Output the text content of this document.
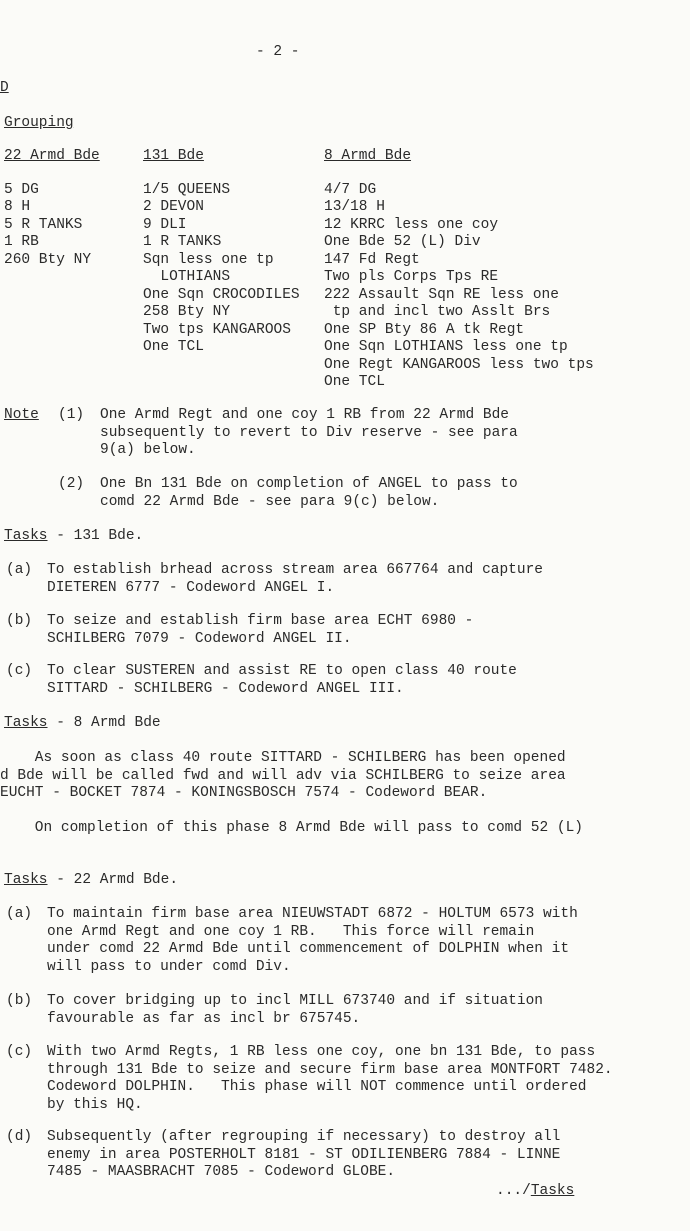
- 2 -
D
Grouping
22 Armd Bde
5 DG
8 H
5 R TANKS
1 RB
260 Bty NY
131 Bde
1/5 QUEENS
2 DEVON
9 DLI
1 R TANKS
Sqn less one tp
LOTHIANS
One Sqn CROCODILES
258 Bty NY
Two tps KANGAROOS
One TCL
8 Armd Bde
4/7 DG
13/18 H
12 KRRC less one coy
One Bde 52 (L) Div
147 Fd Regt
Two pls Corps Tps RE
222 Assault Sqn RE less one
tp and incl two Asslt Brs
One SP Bty 86 A tk Regt
One Sqn LOTHIANS less one tp
One Regt KANGAROOS less two tps
One TCL
Note (1) One Armd Regt and one coy 1 RB from 22 Armd Bde
subsequently to revert to Div reserve - see para
9(a) below.
(2) One Bn 131 Bde on completion of ANGEL to pass to
comd 22 Armd Bde - see para 9(c) below.
Tasks - 131 Bde.
(a) To establish brhead across stream area 667764 and capture
DIETEREN 6777 - Codeword ANGEL I.
(b) To seize and establish firm base area ECHT 6980 -
SCHILBERG 7079 - Codeword ANGEL II.
(c) To clear SUSTEREN and assist RE to open class 40 route
SITTARD - SCHILBERG - Codeword ANGEL III.
Tasks - 8 Armd Bde
As soon as class 40 route SITTARD - SCHILBERG has been opened
d Bde will be called fwd and will adv via SCHILBERG to seize area
EUCHT - BOCKET 7874 - KONINGSBOSCH 7574 - Codeword BEAR.
On completion of this phase 8 Armd Bde will pass to comd 52 (L)
Tasks - 22 Armd Bde.
(a) To maintain firm base area NIEUWSTADT 6872 - HOLTUM 6573 with
one Armd Regt and one coy 1 RB.   This force will remain
under comd 22 Armd Bde until commencement of DOLPHIN when it
will pass to under comd Div.
(b) To cover bridging up to incl MILL 673740 and if situation
favourable as far as incl br 675745.
(c) With two Armd Regts, 1 RB less one coy, one bn 131 Bde, to pass
through 131 Bde to seize and secure firm base area MONTFORT 7482.
Codeword DOLPHIN.   This phase will NOT commence until ordered
by this HQ.
(d) Subsequently (after regrouping if necessary) to destroy all
enemy in area POSTERHOLT 8181 - ST ODILIENBERG 7884 - LINNE
7485 - MAASBRACHT 7085 - Codeword GLOBE.
.../Tasks
